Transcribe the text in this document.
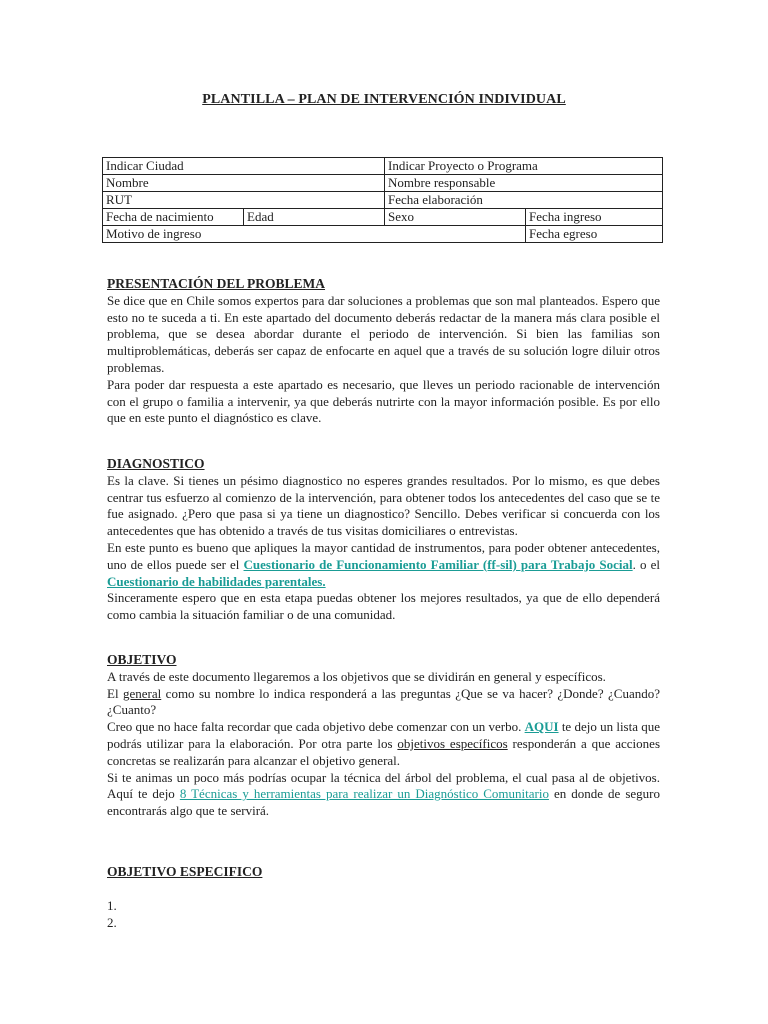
PLANTILLA – PLAN DE INTERVENCIÓN INDIVIDUAL
Indicar Ciudad		Indicar Proyecto o Programa	
Nombre		Nombre responsable	
RUT		Fecha elaboración	
Fecha de nacimiento	Edad	Sexo	Fecha ingreso
Motivo de ingreso			Fecha egreso
PRESENTACIÓN DEL PROBLEMA

Se dice que en Chile somos expertos para dar soluciones a problemas que son mal planteados. Espero que esto no te suceda a ti. En este apartado del documento deberás redactar de la manera más clara posible el problema, que se desea abordar durante el periodo de intervención. Si bien las familias son multiproblemáticas, deberás ser capaz de enfocarte en aquel que a través de su solución logre diluir otros problemas.

Para poder dar respuesta a este apartado es necesario, que lleves un periodo racionable de intervención con el grupo o familia a intervenir, ya que deberás nutrirte con la mayor información posible. Es por ello que en este punto el diagnóstico es clave.

DIAGNOSTICO

Es la clave. Si tienes un pésimo diagnostico no esperes grandes resultados. Por lo mismo, es que debes centrar tus esfuerzo al comienzo de la intervención, para obtener todos los antecedentes del caso que se te fue asignado. ¿Pero que pasa si ya tiene un diagnostico? Sencillo. Debes verificar si concuerda con los antecedentes que has obtenido a través de tus visitas domiciliares o entrevistas.

En este punto es bueno que apliques la mayor cantidad de instrumentos, para poder obtener antecedentes, uno de ellos puede ser el Cuestionario de Funcionamiento Familiar (ff-sil) para Trabajo Social. o el Cuestionario de habilidades parentales.

Sinceramente espero que en esta etapa puedas obtener los mejores resultados, ya que de ello dependerá como cambia la situación familiar o de una comunidad.

OBJETIVO

A través de este documento llegaremos a los objetivos que se dividirán en general y específicos.

El general como su nombre lo indica responderá a las preguntas ¿Que se va hacer? ¿Donde? ¿Cuando?¿Cuanto?

Creo que no hace falta recordar que cada objetivo debe comenzar con un verbo. AQUI te dejo un lista que podrás utilizar para la elaboración. Por otra parte los objetivos específicos responderán a que acciones concretas se realizarán para alcanzar el objetivo general.

Si te animas un poco más podrías ocupar la técnica del árbol del problema, el cual pasa al de objetivos. Aquí te dejo 8 Técnicas y herramientas para realizar un Diagnóstico Comunitario en donde de seguro encontrarás algo que te servirá.

OBJETIVO ESPECIFICO
1.
2.
